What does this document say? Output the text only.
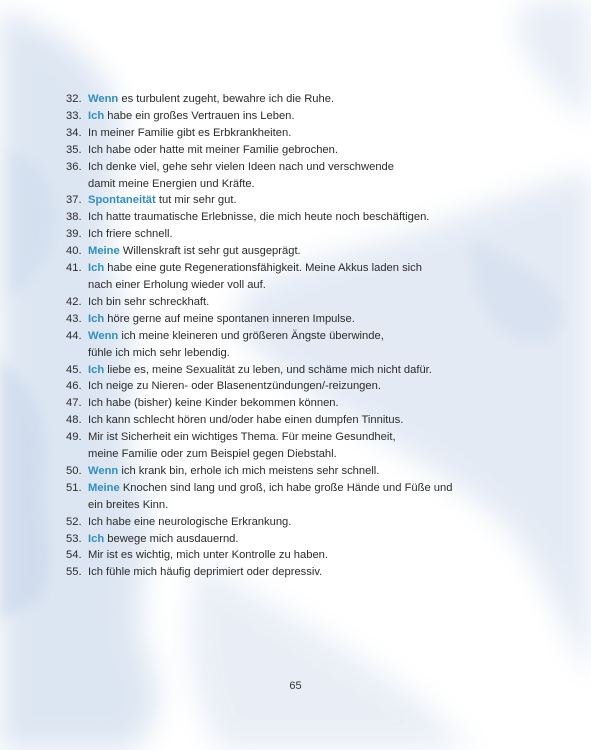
32. Wenn es turbulent zugeht, bewahre ich die Ruhe.
33. Ich habe ein großes Vertrauen ins Leben.
34. In meiner Familie gibt es Erbkrankheiten.
35. Ich habe oder hatte mit meiner Familie gebrochen.
36. Ich denke viel, gehe sehr vielen Ideen nach und verschwende
damit meine Energien und Kräfte.
37. Spontaneität tut mir sehr gut.
38. Ich hatte traumatische Erlebnisse, die mich heute noch beschäftigen.
39. Ich friere schnell.
40. Meine Willenskraft ist sehr gut ausgeprägt.
41. Ich habe eine gute Regenerationsfähigkeit. Meine Akkus laden sich
nach einer Erholung wieder voll auf.
42. Ich bin sehr schreckhaft.
43. Ich höre gerne auf meine spontanen inneren Impulse.
44. Wenn ich meine kleineren und größeren Ängste überwinde,
fühle ich mich sehr lebendig.
45. Ich liebe es, meine Sexualität zu leben, und schäme mich nicht dafür.
46. Ich neige zu Nieren- oder Blasenentzündungen/-reizungen.
47. Ich habe (bisher) keine Kinder bekommen können.
48. Ich kann schlecht hören und/oder habe einen dumpfen Tinnitus.
49. Mir ist Sicherheit ein wichtiges Thema. Für meine Gesundheit,
meine Familie oder zum Beispiel gegen Diebstahl.
50. Wenn ich krank bin, erhole ich mich meistens sehr schnell.
51. Meine Knochen sind lang und groß, ich habe große Hände und Füße und
ein breites Kinn.
52. Ich habe eine neurologische Erkrankung.
53. Ich bewege mich ausdauernd.
54. Mir ist es wichtig, mich unter Kontrolle zu haben.
55. Ich fühle mich häufig deprimiert oder depressiv.
65
